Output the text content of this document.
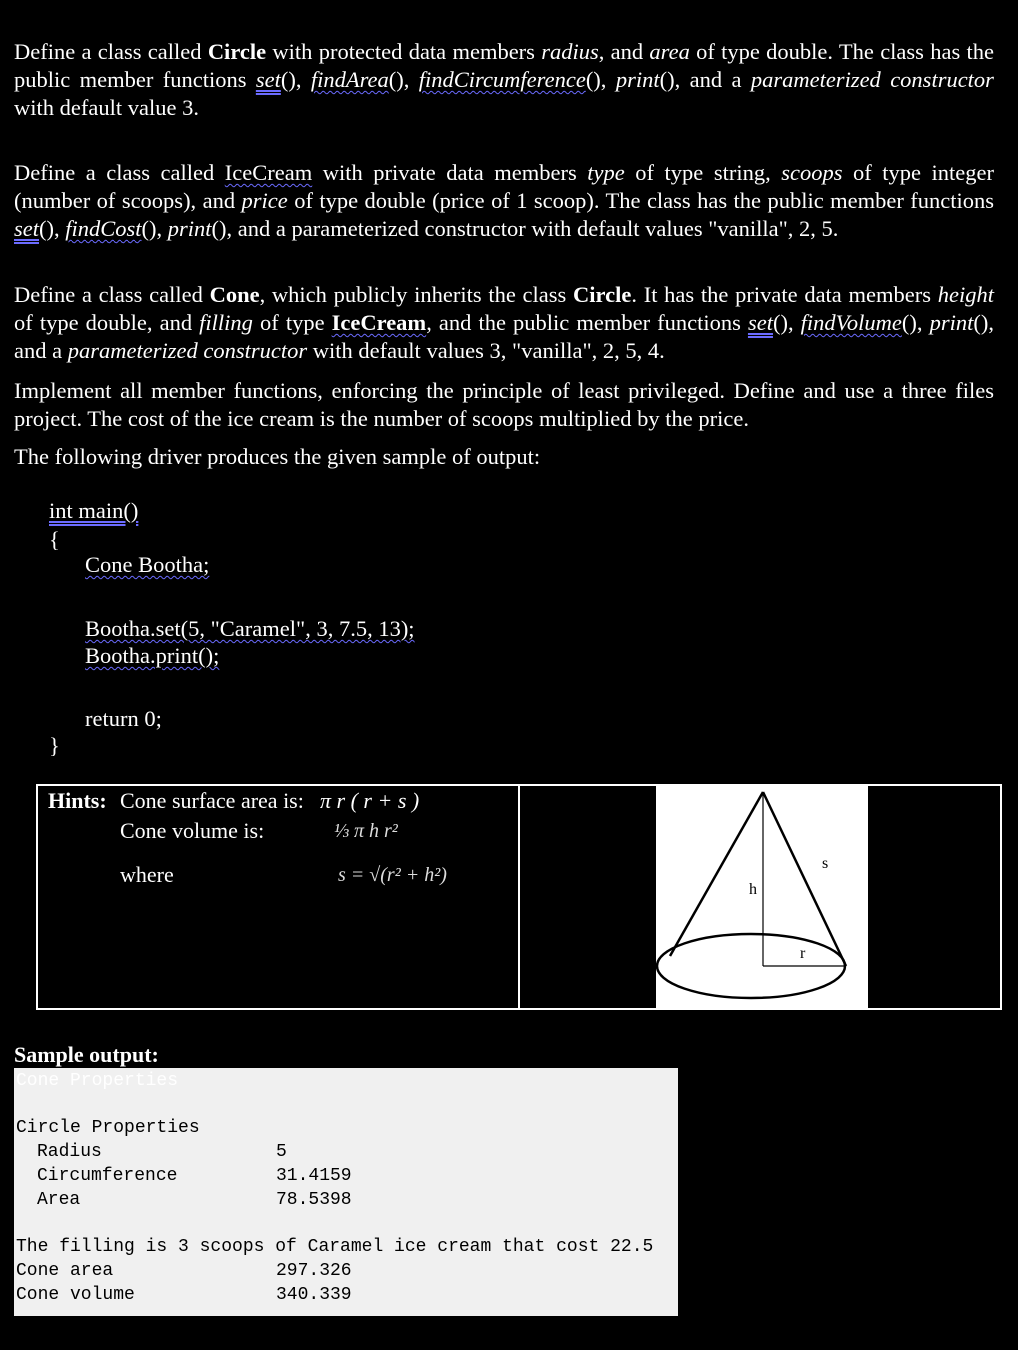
Define a class called Circle with protected data members radius, and area of type double. The class has the public member functions set(), findArea(), findCircumference(), print(), and a parameterized constructor with default value 3.
Define a class called IceCream with private data members type of type string, scoops of type integer (number of scoops), and price of type double (price of 1 scoop). The class has the public member functions set(), findCost(), print(), and a parameterized constructor with default values "vanilla", 2, 5.
Define a class called Cone, which publicly inherits the class Circle. It has the private data members height of type double, and filling of type IceCream, and the public member functions set(), findVolume(), print(), and a parameterized constructor with default values 3, "vanilla", 2, 5, 4.
Implement all member functions, enforcing the principle of least privileged. Define and use a three files project. The cost of the ice cream is the number of scoops multiplied by the price.
The following driver produces the given sample of output:
int main()
{
Cone Bootha;
Bootha.set(5, "Caramel", 3, 7.5, 13);
Bootha.print();
return 0;
}
Hints: Cone surface area is: π r ( r + s )
Cone volume is:	⅓ π h r²
where	s = √(r² + h²)
h
s
r
Sample output:
Cone Properties
Circle Properties
Radius	5
Circumference	31.4159
Area	78.5398
The filling is 3 scoops of Caramel ice cream that cost 22.5
Cone area	297.326
Cone volume	340.339
